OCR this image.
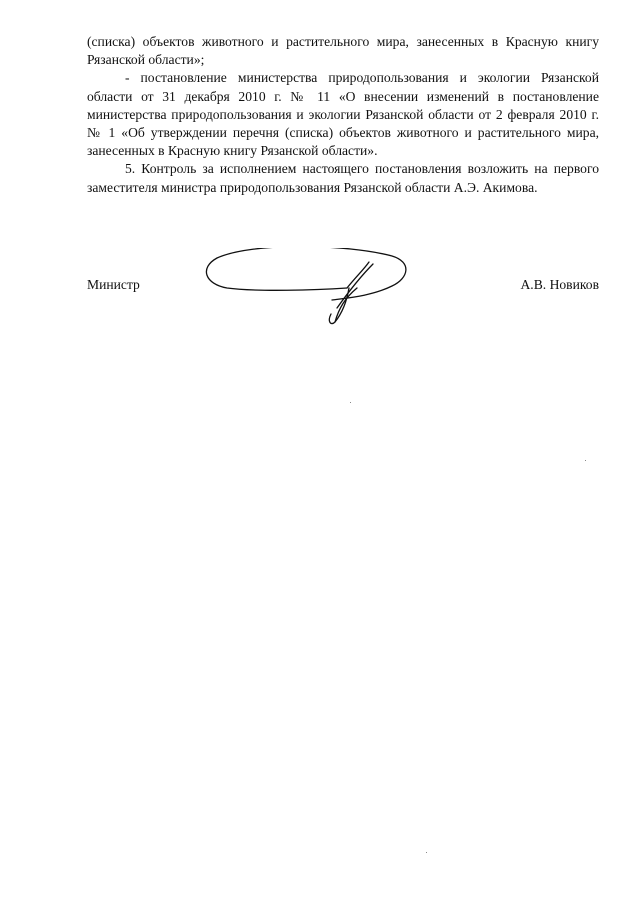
(списка) объектов животного и растительного мира, занесенных в Красную книгу Рязанской области»;

- постановление министерства природопользования и экологии Рязанской области от 31 декабря 2010 г. № 11 «О внесении изменений в постановление министерства природопользования и экологии Рязанской области от 2 февраля 2010 г. № 1 «Об утверждении перечня (списка) объектов животного и растительного мира, занесенных в Красную книгу Рязанской области».

5. Контроль за исполнением настоящего постановления возложить на первого заместителя министра природопользования Рязанской области А.Э. Акимова.

Министр	А.В. Новиков
